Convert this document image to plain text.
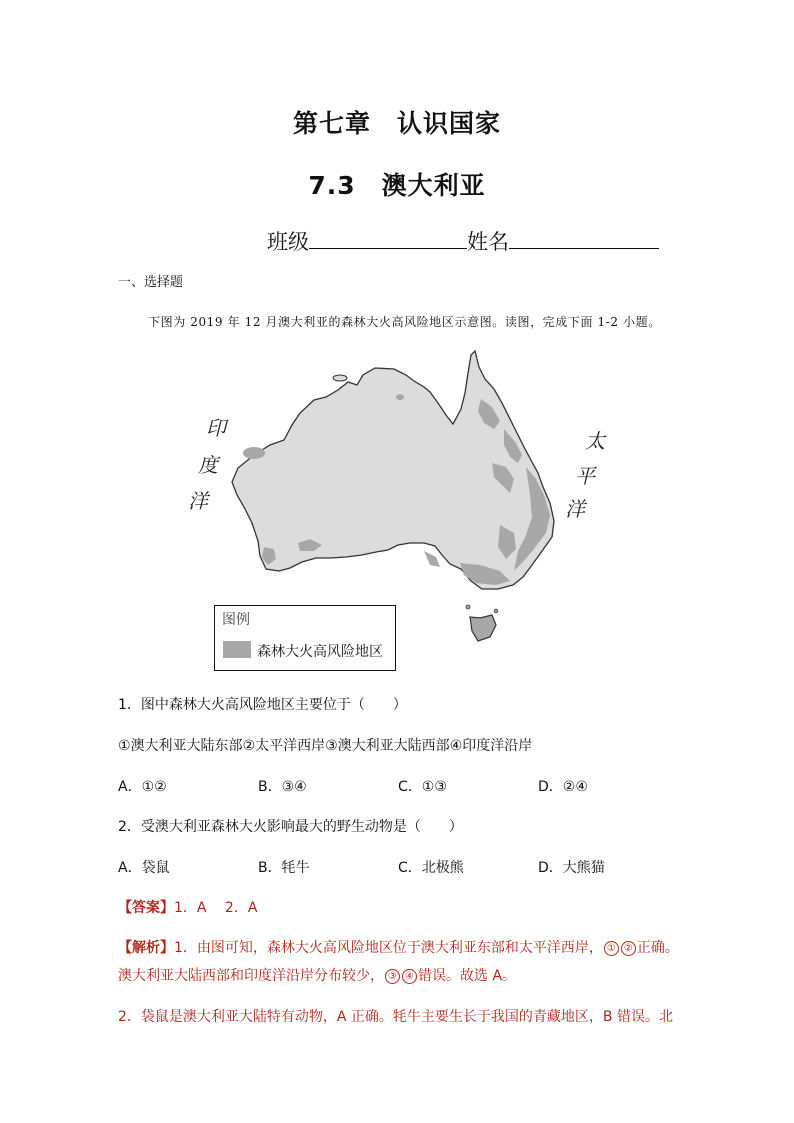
第七章　认识国家
7.3　澳大利亚
班级	姓名
一、选择题
下图为 2019 年 12 月澳大利亚的森林大火高风险地区示意图。读图，完成下面 1-2 小题。
印
度
洋
太
平
洋
图例
森林大火高风险地区
1．图中森林大火高风险地区主要位于（　　）
①澳大利亚大陆东部②太平洋西岸③澳大利亚大陆西部④印度洋沿岸
A．①②	B．③④	C．①③	D．②④
2．受澳大利亚森林大火影响最大的野生动物是（　　）
A．袋鼠	B．牦牛	C．北极熊	D．大熊猫
【答案】1．A　 2．A
【解析】1．由图可知，森林大火高风险地区位于澳大利亚东部和太平洋西岸， ① ② 正确。
澳大利亚大陆西部和印度洋沿岸分布较少， ③ ④ 错误。故选 A。
2．袋鼠是澳大利亚大陆特有动物，A 正确。牦牛主要生长于我国的青藏地区，B 错误。北
